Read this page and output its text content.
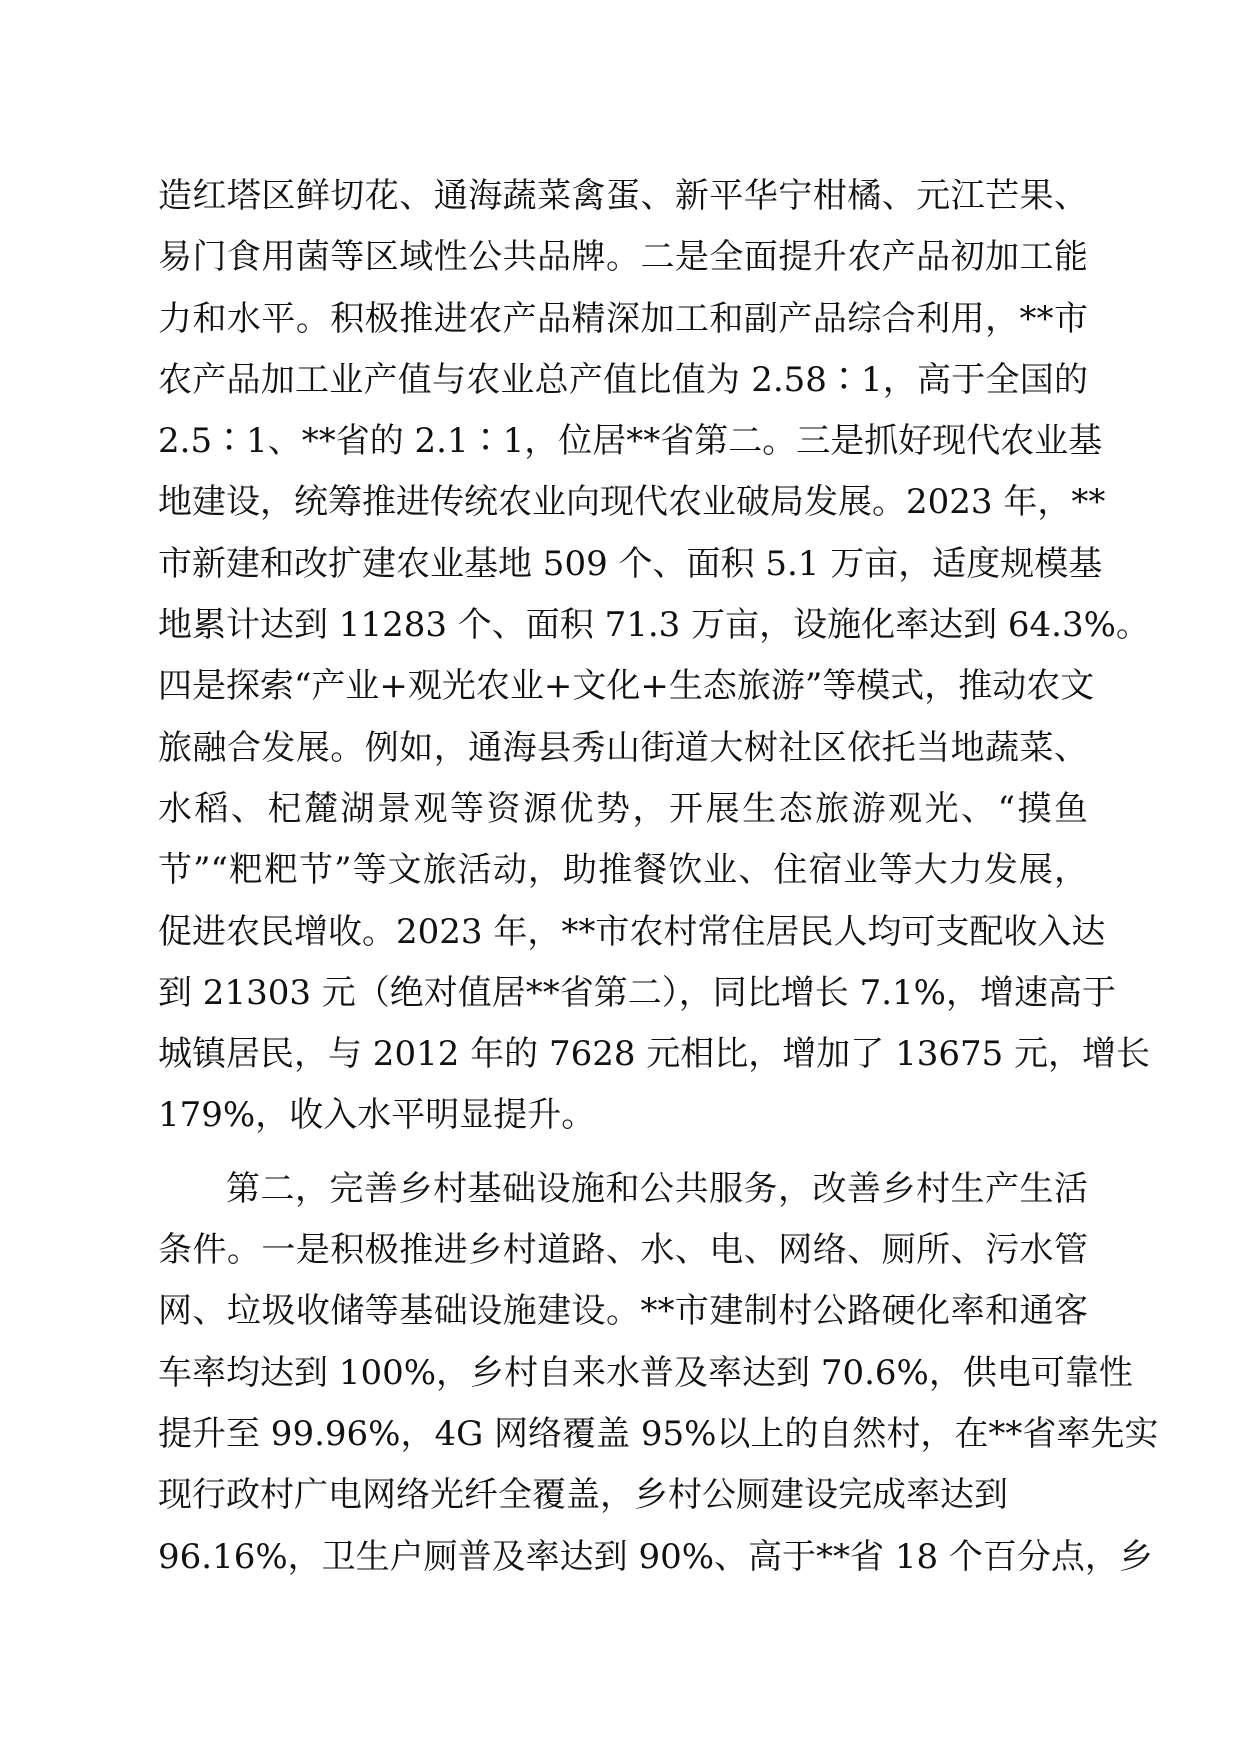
造红塔区鲜切花、通海蔬菜禽蛋、新平华宁柑橘、元江芒果、
易门食用菌等区域性公共品牌。二是全面提升农产品初加工能
力和水平。积极推进农产品精深加工和副产品综合利用，**市
农产品加工业产值与农业总产值比值为 2.58∶1，高于全国的
2.5∶1、**省的 2.1∶1，位居**省第二。三是抓好现代农业基
地建设，统筹推进传统农业向现代农业破局发展。2023 年，**
市新建和改扩建农业基地 509 个、面积 5.1 万亩，适度规模基
地累计达到 11283 个、面积 71.3 万亩，设施化率达到 64.3%。
四是探索“产业+观光农业+文化+生态旅游”等模式，推动农文
旅融合发展。例如，通海县秀山街道大树社区依托当地蔬菜、
水稻、杞麓湖景观等资源优势，开展生态旅游观光、“摸鱼
节”“粑粑节”等文旅活动，助推餐饮业、住宿业等大力发展，
促进农民增收。2023 年，**市农村常住居民人均可支配收入达
到 21303 元（绝对值居**省第二），同比增长 7.1%，增速高于
城镇居民，与 2012 年的 7628 元相比，增加了 13675 元，增长
179%，收入水平明显提升。
第二，完善乡村基础设施和公共服务，改善乡村生产生活
条件。一是积极推进乡村道路、水、电、网络、厕所、污水管
网、垃圾收储等基础设施建设。**市建制村公路硬化率和通客
车率均达到 100%，乡村自来水普及率达到 70.6%，供电可靠性
提升至 99.96%，4G 网络覆盖 95%以上的自然村，在**省率先实
现行政村广电网络光纤全覆盖，乡村公厕建设完成率达到
96.16%，卫生户厕普及率达到 90%、高于**省 18 个百分点，乡
